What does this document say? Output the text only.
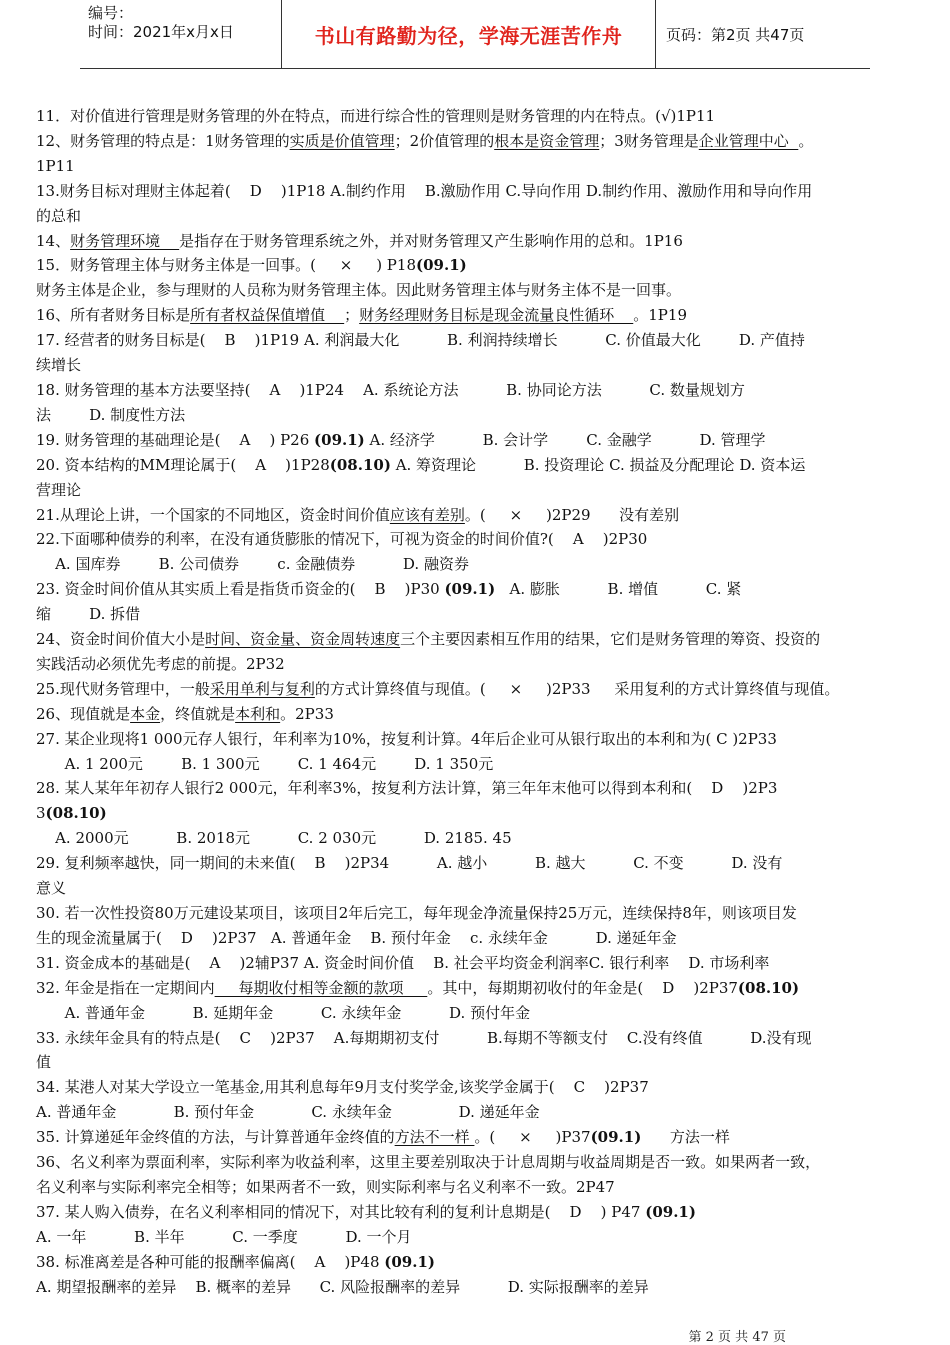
编号：
时间：2021年x月x日	书山有路勤为径，学海无涯苦作舟	页码：第2页 共47页

11．对价值进行管理是财务管理的外在特点，而进行综合性的管理则是财务管理的内在特点。(√)1P11

12、财务管理的特点是：1财务管理的实质是价值管理；2价值管理的根本是资金管理；3财务管理是企业管理中心  。

1P11

13.财务目标对理财主体起着(    D    )1P18 A.制约作用    B.激励作用 C.导向作用 D.制约作用、激励作用和导向作用

的总和

14、财务管理环境    是指存在于财务管理系统之外，并对财务管理又产生影响作用的总和。1P16

15．财务管理主体与财务主体是一回事。(     ×     ) P18(09.1)

财务主体是企业，参与理财的人员称为财务管理主体。因此财务管理主体与财务主体不是一回事。

16、所有者财务目标是所有者权益保值增值    ；财务经理财务目标是现金流量良性循环    。1P19

17. 经营者的财务目标是(    B    )1P19 A. 利润最大化          B. 利润持续增长          C. 价值最大化        D. 产值持

续增长

18. 财务管理的基本方法要坚持(    A    )1P24    A. 系统论方法          B. 协同论方法          C. 数量规划方

法        D. 制度性方法

19. 财务管理的基础理论是(    A    ) P26 (09.1) A. 经济学          B. 会计学        C. 金融学          D. 管理学

20. 资本结构的MM理论属于(    A    )1P28(08.10) A. 筹资理论          B. 投资理论 C. 损益及分配理论 D. 资本运

营理论

21.从理论上讲，一个国家的不同地区，资金时间价值应该有差别。(     ×     )2P29      没有差别

22.下面哪种债券的利率，在没有通货膨胀的情况下，可视为资金的时间价值?(    A    )2P30

A. 国库券        B. 公司债券        c. 金融债券          D. 融资券

23. 资金时间价值从其实质上看是指货币资金的(    B    )P30 (09.1)   A. 膨胀          B. 增值          C. 紧

缩        D. 拆借

24、资金时间价值大小是时间、资金量、资金周转速度三个主要因素相互作用的结果，它们是财务管理的筹资、投资的

实践活动必须优先考虑的前提。2P32

25.现代财务管理中，一般采用单利与复利的方式计算终值与现值。(     ×     )2P33     采用复利的方式计算终值与现值。

26、现值就是本金，终值就是本利和。2P33

27. 某企业现将1 000元存人银行，年利率为10%，按复利计算。4年后企业可从银行取出的本利和为( C )2P33

A. 1 200元        B. 1 300元        C. 1 464元        D. 1 350元

28. 某人某年年初存人银行2 000元，年利率3%，按复利方法计算，第三年年末他可以得到本利和(    D    )2P3

3(08.10)

A. 2000元          B. 2018元          C. 2 030元          D. 2185. 45

29. 复利频率越快，同一期间的未来值(    B    )2P34          A. 越小          B. 越大          C. 不变          D. 没有

意义

30. 若一次性投资80万元建设某项目，该项目2年后完工，每年现金净流量保持25万元，连续保持8年，则该项目发

生的现金流量属于(    D    )2P37   A. 普通年金    B. 预付年金    c. 永续年金          D. 递延年金

31. 资金成本的基础是(    A    )2辅P37 A. 资金时间价值    B. 社会平均资金利润率C. 银行利率    D. 市场利率

32. 年金是指在一定期间内     每期收付相等金额的款项     。其中，每期期初收付的年金是(    D    )2P37(08.10)

A. 普通年金          B. 延期年金          C. 永续年金          D. 预付年金

33. 永续年金具有的特点是(    C    )2P37    A.每期期初支付          B.每期不等额支付    C.没有终值          D.没有现

值

34. 某港人对某大学设立一笔基金,用其利息每年9月支付奖学金,该奖学金属于(    C    )2P37

A. 普通年金            B. 预付年金            C. 永续年金              D. 递延年金

35. 计算递延年金终值的方法，与计算普通年金终值的方法不一样 。(     ×     )P37(09.1)      方法一样

36、名义利率为票面利率，实际利率为收益利率，这里主要差别取决于计息周期与收益周期是否一致。如果两者一致，

名义利率与实际利率完全相等；如果两者不一致，则实际利率与名义利率不一致。2P47

37. 某人购入债券，在名义利率相同的情况下，对其比较有利的复利计息期是(    D    ) P47 (09.1)

A. 一年          B. 半年          C. 一季度          D. 一个月

38. 标准离差是各种可能的报酬率偏离(    A    )P48 (09.1)

A. 期望报酬率的差异    B. 概率的差异      C. 风险报酬率的差异          D. 实际报酬率的差异

第 2 页 共 47 页
